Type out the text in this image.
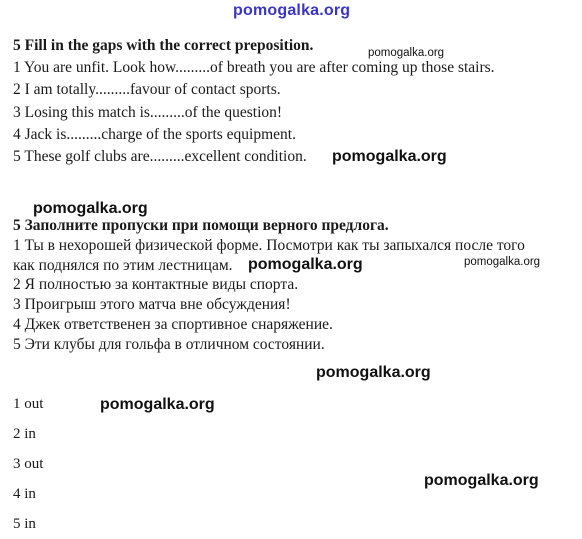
pomogalka.org
5 Fill in the gaps with the correct preposition.	pomogalka.org
1 You are unfit. Look how.........of breath you are after coming up those stairs.
2 I am totally.........favour of contact sports.
3 Losing this match is.........of the question!
4 Jack is.........charge of the sports equipment.
5 These golf clubs are.........excellent condition. pomogalka.org
pomogalka.org
5 Заполните пропуски при помощи верного предлога.
1 Ты в нехорошей физической форме. Посмотри как ты запыхался после того
как поднялся по этим лестницам. pomogalka.org	pomogalka.org
2 Я полностью за контактные виды спорта.
3 Проигрыш этого матча вне обсуждения!
4 Джек ответственен за спортивное снаряжение.
5 Эти клубы для гольфа в отличном состоянии.
pomogalka.org
1 out	pomogalka.org
2 in
3 out
pomogalka.org
4 in
5 in
